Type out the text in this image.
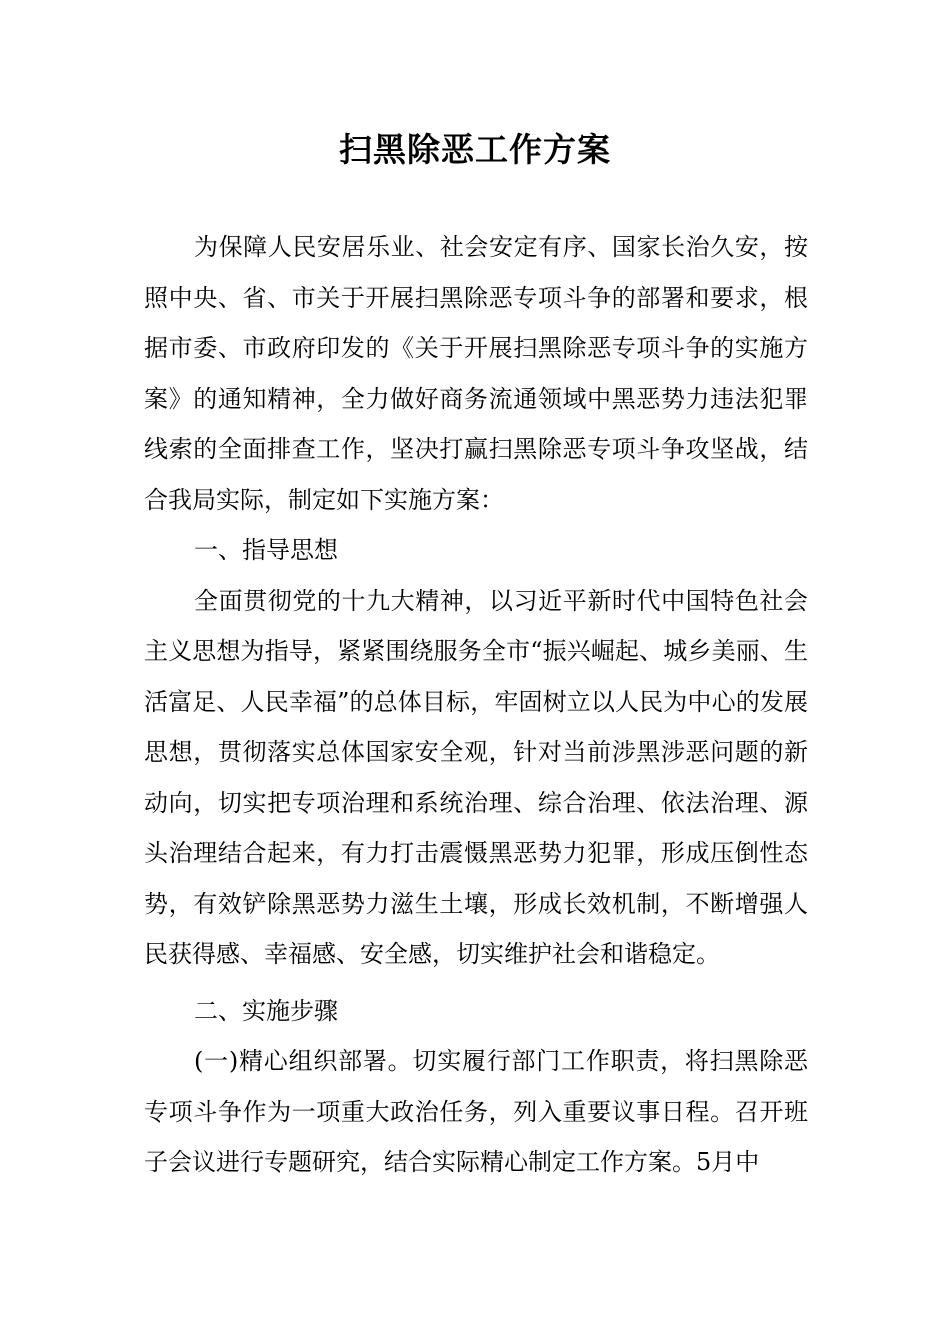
扫黑除恶工作方案

为保障人民安居乐业、社会安定有序、国家长治久安，按照中央、省、市关于开展扫黑除恶专项斗争的部署和要求，根据市委、市政府印发的《关于开展扫黑除恶专项斗争的实施方案》的通知精神，全力做好商务流通领域中黑恶势力违法犯罪线索的全面排查工作，坚决打赢扫黑除恶专项斗争攻坚战，结合我局实际，制定如下实施方案：

一、指导思想

全面贯彻党的十九大精神，以习近平新时代中国特色社会主义思想为指导，紧紧围绕服务全市“振兴崛起、城乡美丽、生活富足、人民幸福”的总体目标，牢固树立以人民为中心的发展思想，贯彻落实总体国家安全观，针对当前涉黑涉恶问题的新动向，切实把专项治理和系统治理、综合治理、依法治理、源头治理结合起来，有力打击震慑黑恶势力犯罪，形成压倒性态势，有效铲除黑恶势力滋生土壤，形成长效机制，不断增强人民获得感、幸福感、安全感，切实维护社会和谐稳定。

二、实施步骤

(一)精心组织部署。切实履行部门工作职责，将扫黑除恶专项斗争作为一项重大政治任务，列入重要议事日程。召开班子会议进行专题研究，结合实际精心制定工作方案。5月中
